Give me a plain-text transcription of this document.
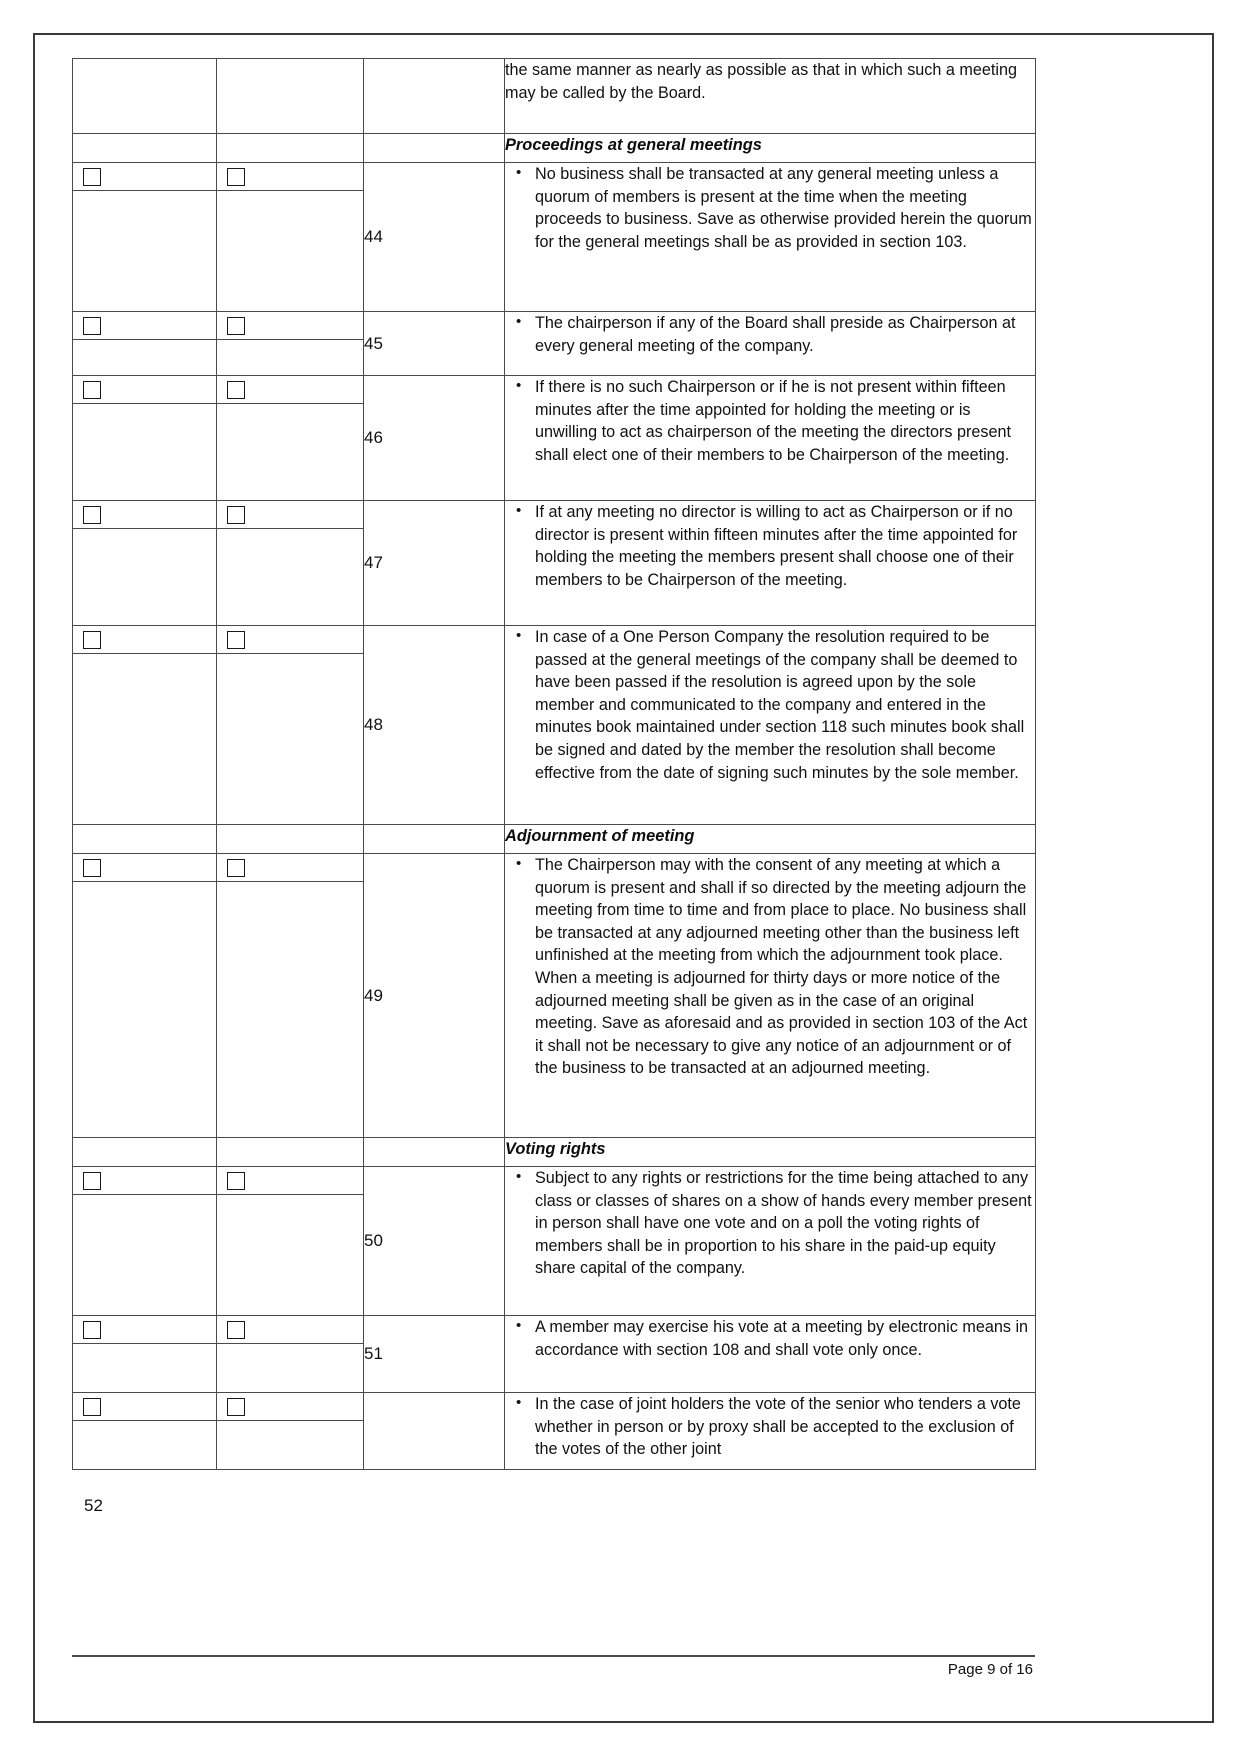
			the same manner as nearly as possible as that in which such a meeting may be called by the Board.

			Proceedings at general meetings

	44	
• No business shall be transacted at any general meeting unless a quorum of members is present at the time when the meeting proceeds to business. Save as otherwise provided herein the quorum for the general meetings shall be as provided in section 103.

	45	
• The chairperson if any of the Board shall preside as Chairperson at every general meeting of the company.

	46	
• If there is no such Chairperson or if he is not present within fifteen minutes after the time appointed for holding the meeting or is unwilling to act as chairperson of the meeting the directors present shall elect one of their members to be Chairperson of the meeting.

	47	
• If at any meeting no director is willing to act as Chairperson or if no director is present within fifteen minutes after the time appointed for holding the meeting the members present shall choose one of their members to be Chairperson of the meeting.

	48	
• In case of a One Person Company the resolution required to be passed at the general meetings of the company shall be deemed to have been passed if the resolution is agreed upon by the sole member and communicated to the company and entered in the minutes book maintained under section 118 such minutes book shall be signed and dated by the member the resolution shall become effective from the date of signing such minutes by the sole member.

			Adjournment of meeting

	49	
• The Chairperson may with the consent of any meeting at which a quorum is present and shall if so directed by the meeting adjourn the meeting from time to time and from place to place. No business shall be transacted at any adjourned meeting other than the business left unfinished at the meeting from which the adjournment took place. When a meeting is adjourned for thirty days or more notice of the adjourned meeting shall be given as in the case of an original meeting. Save as aforesaid and as provided in section 103 of the Act it shall not be necessary to give any notice of an adjournment or of the business to be transacted at an adjourned meeting.

			Voting rights

	50	
• Subject to any rights or restrictions for the time being attached to any class or classes of shares on a show of hands every member present in person shall have one vote and on a poll the voting rights of members shall be in proportion to his share in the paid-up equity share capital of the company.

	51	
• A member may exercise his vote at a meeting by electronic means in accordance with section 108 and shall vote only once.

• In the case of joint holders the vote of the senior who tenders a vote whether in person or by proxy shall be accepted to the exclusion of the votes of the other joint
52
Page 9 of 16
